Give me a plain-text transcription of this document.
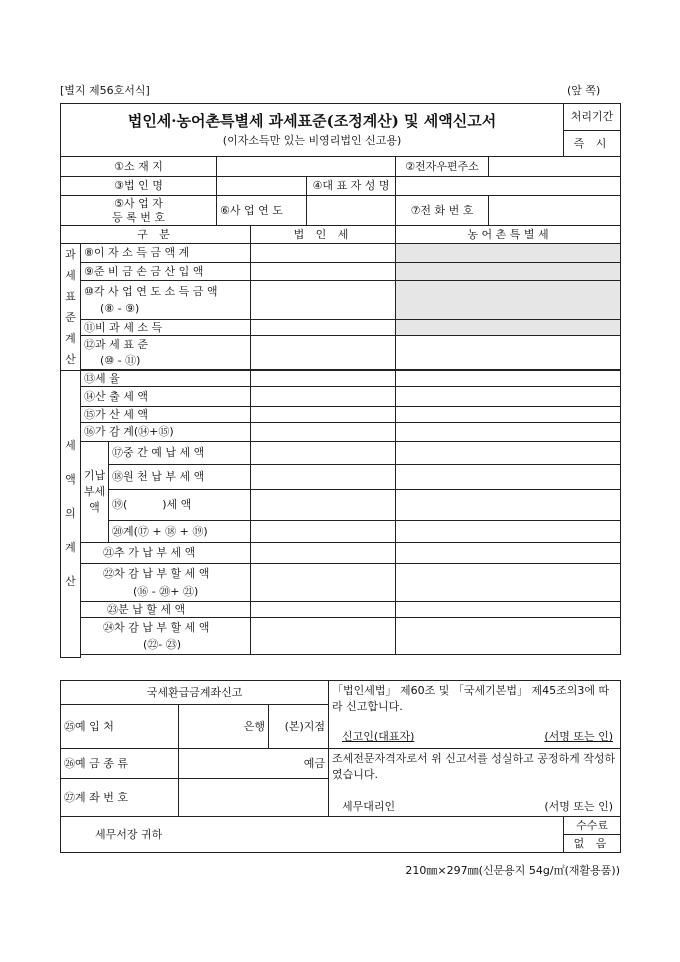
[별지 제56호서식]	(앞 쪽)
법인세·농어촌특별세 과세표준(조정계산) 및 세액신고서
(이자소득만 있는 비영리법인 신고용)								처리기간
								즉 시
①소 재 지						②전자우편주소		
③법 인 명					④대 표 자 성 명			

⑤사 업 자
등 록 번 호			⑥사 업 연 도			⑦전 화 번 호		
구 분				법 인 세		농 어 촌 특 별 세		
과세표준계산	⑧이 자 소 득 금 액 계							
	⑨준 비 금 손 금 산 입 액							

	⑩각 사 업 연 도 소 득 금 액
(⑧ - ⑨)							

	⑪비 과 세 소 득							

	⑫과 세 표 준
(⑩ - ⑪)							

세액의계산	⑬세 율							
	⑭산 출 세 액							
	⑮가 산 세 액							
	⑯가 감 계(⑭+⑮)							
	기납부세액	⑰중 간 예 납 세 액						
		⑱원 천 납 부 세 액						
		⑲(          )세 액						
		⑳계(⑰ + ⑱ + ⑲)						
	㉑추 가 납 부 세 액							

	㉒차 감 납 부 할 세 액
(⑯ - ⑳+ ㉑)							

	㉓분 납 할 세 액							

	㉔차 감 납 부 할 세 액
(㉒- ㉓)							

국세환급금계좌신고			「법인세법」 제60조 및 「국세기본법」 제45조의3에 따라 신고합니다.
신고인(대표자) (서명 또는 인)	

㉕예 입 처	은행	(본)지점		
㉖예 금 종 류	예금		조세전문자격자로서 위 신고서를 성실하고 공정하게 작성하였습니다.
세무대리인 (서명 또는 인)	

㉗계 좌 번 호				
세무서장 귀하				수수료
없 음
210㎜×297㎜(신문용지 54g/㎡(재활용품))
